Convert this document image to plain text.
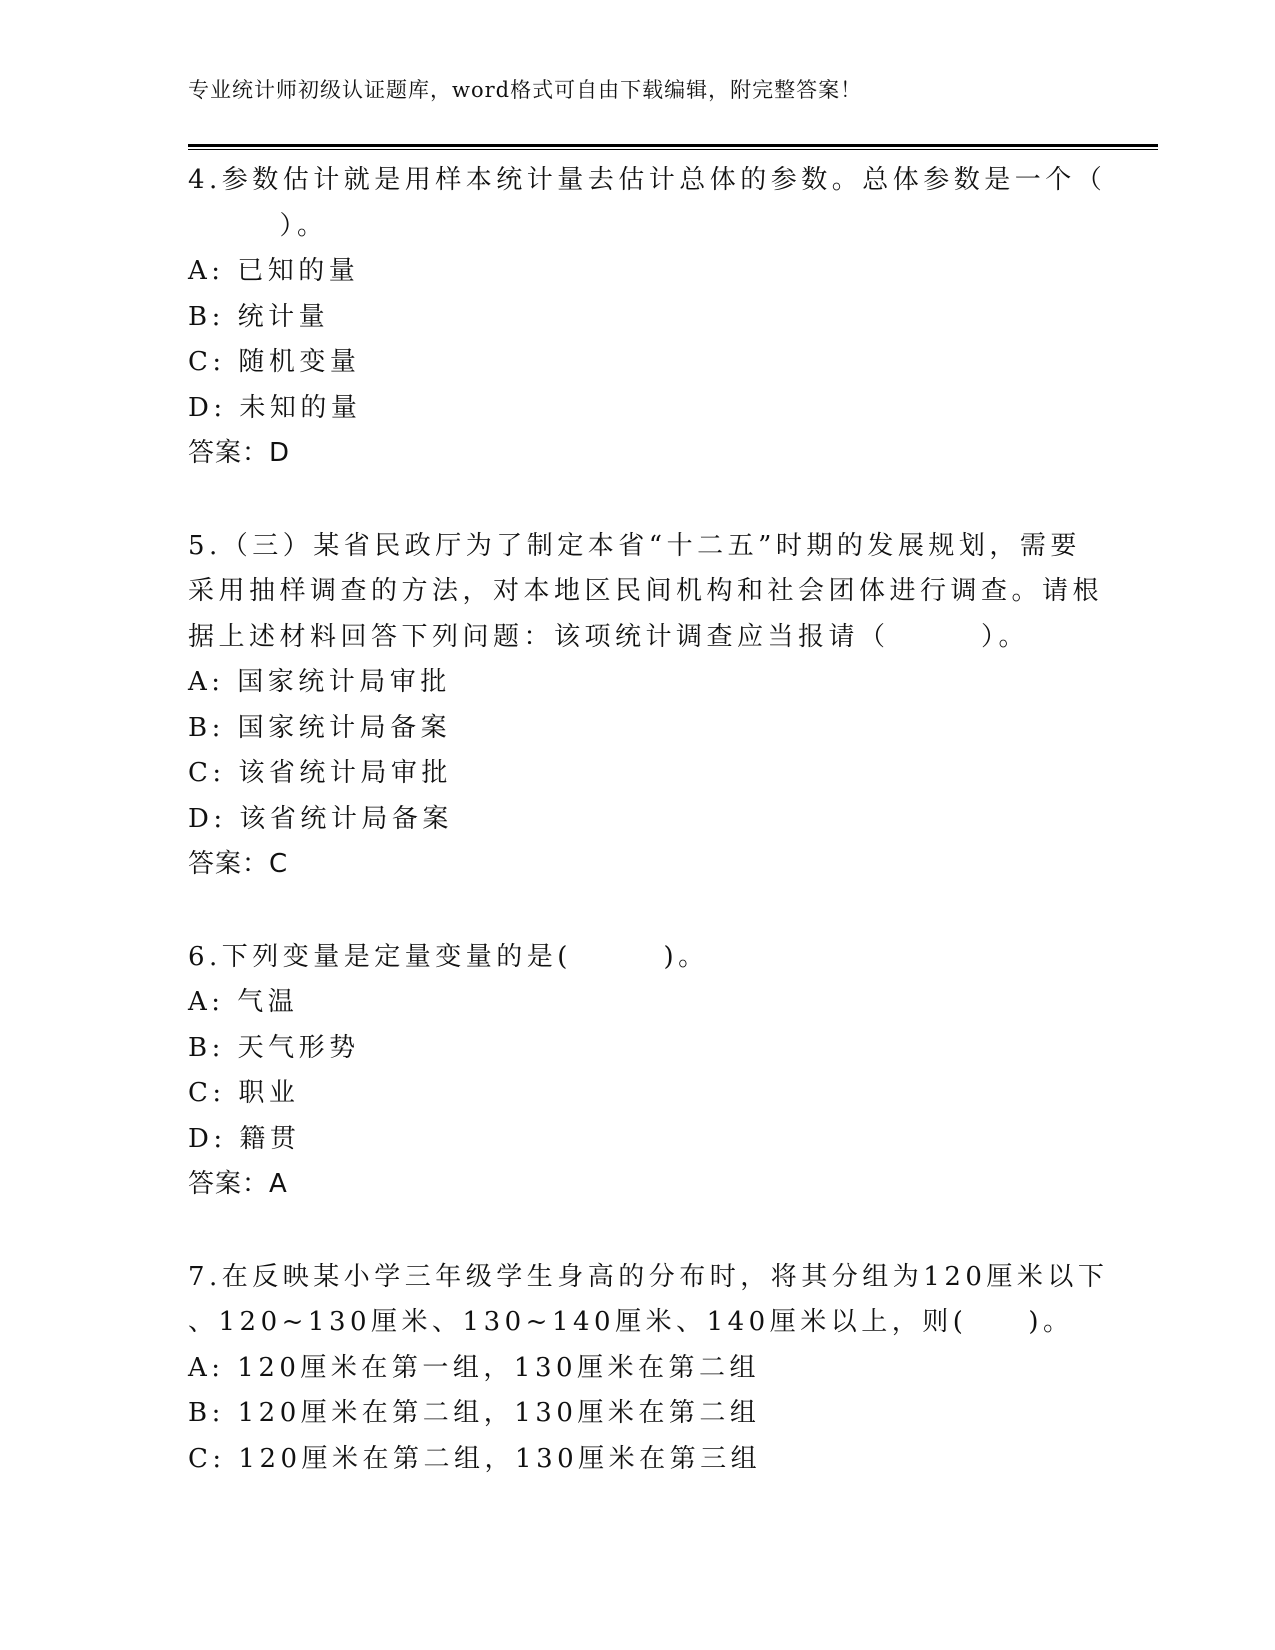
专业统计师初级认证题库，word格式可自由下载编辑，附完整答案！
4.参数估计就是用样本统计量去估计总体的参数。总体参数是一个（
　　　）。
A: 已知的量
B: 统计量
C: 随机变量
D: 未知的量
答案：D
5.（三）某省民政厅为了制定本省“十二五”时期的发展规划，需要
采用抽样调查的方法，对本地区民间机构和社会团体进行调查。请根
据上述材料回答下列问题：该项统计调查应当报请（　　　）。
A: 国家统计局审批
B: 国家统计局备案
C: 该省统计局审批
D: 该省统计局备案
答案：C
6.下列变量是定量变量的是(　　　)。
A: 气温
B: 天气形势
C: 职业
D: 籍贯
答案：A
7.在反映某小学三年级学生身高的分布时，将其分组为120厘米以下
、120~130厘米、130~140厘米、140厘米以上，则(　　)。
A: 120厘米在第一组，130厘米在第二组
B: 120厘米在第二组，130厘米在第二组
C: 120厘米在第二组，130厘米在第三组
